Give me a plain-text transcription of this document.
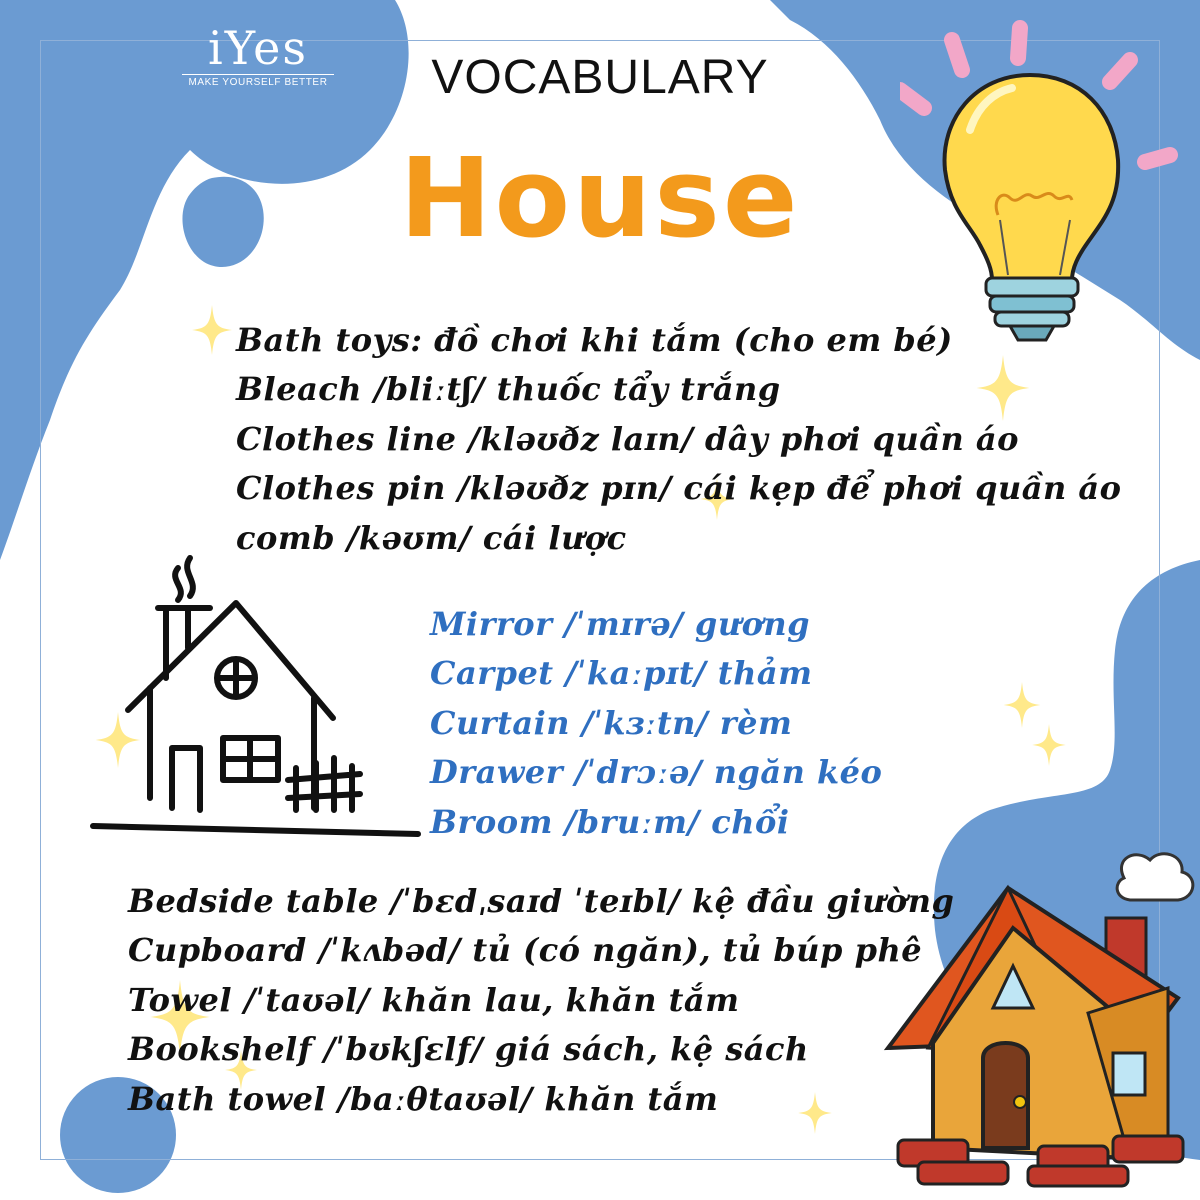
iYes
MAKE YOURSELF BETTER	VOCABULARY
House
Bath toys: đồ chơi khi tắm (cho em bé)
Bleach /bliːtʃ/ thuốc tẩy trắng
Clothes line /kləʊðz laɪn/ dây phơi quần áo
Clothes pin /kləʊðz pɪn/ cái kẹp để phơi quần áo
comb /kəʊm/ cái lược
Mirror /ˈmɪrə/ gương
Carpet /ˈkaːpɪt/ thảm
Curtain /ˈkɜːtn/ rèm
Drawer /ˈdrɔːə/ ngăn kéo
Broom /bruːm/ chổi
Bedside table /ˈbɛdˌsaɪd ˈteɪbl/ kệ đầu giường
Cupboard /ˈkʌbəd/ tủ (có ngăn), tủ búp phê
Towel /ˈtaʊəl/ khăn lau, khăn tắm
Bookshelf /ˈbʊkʃɛlf/ giá sách, kệ sách
Bath towel /baːθtaʊəl/ khăn tắm
